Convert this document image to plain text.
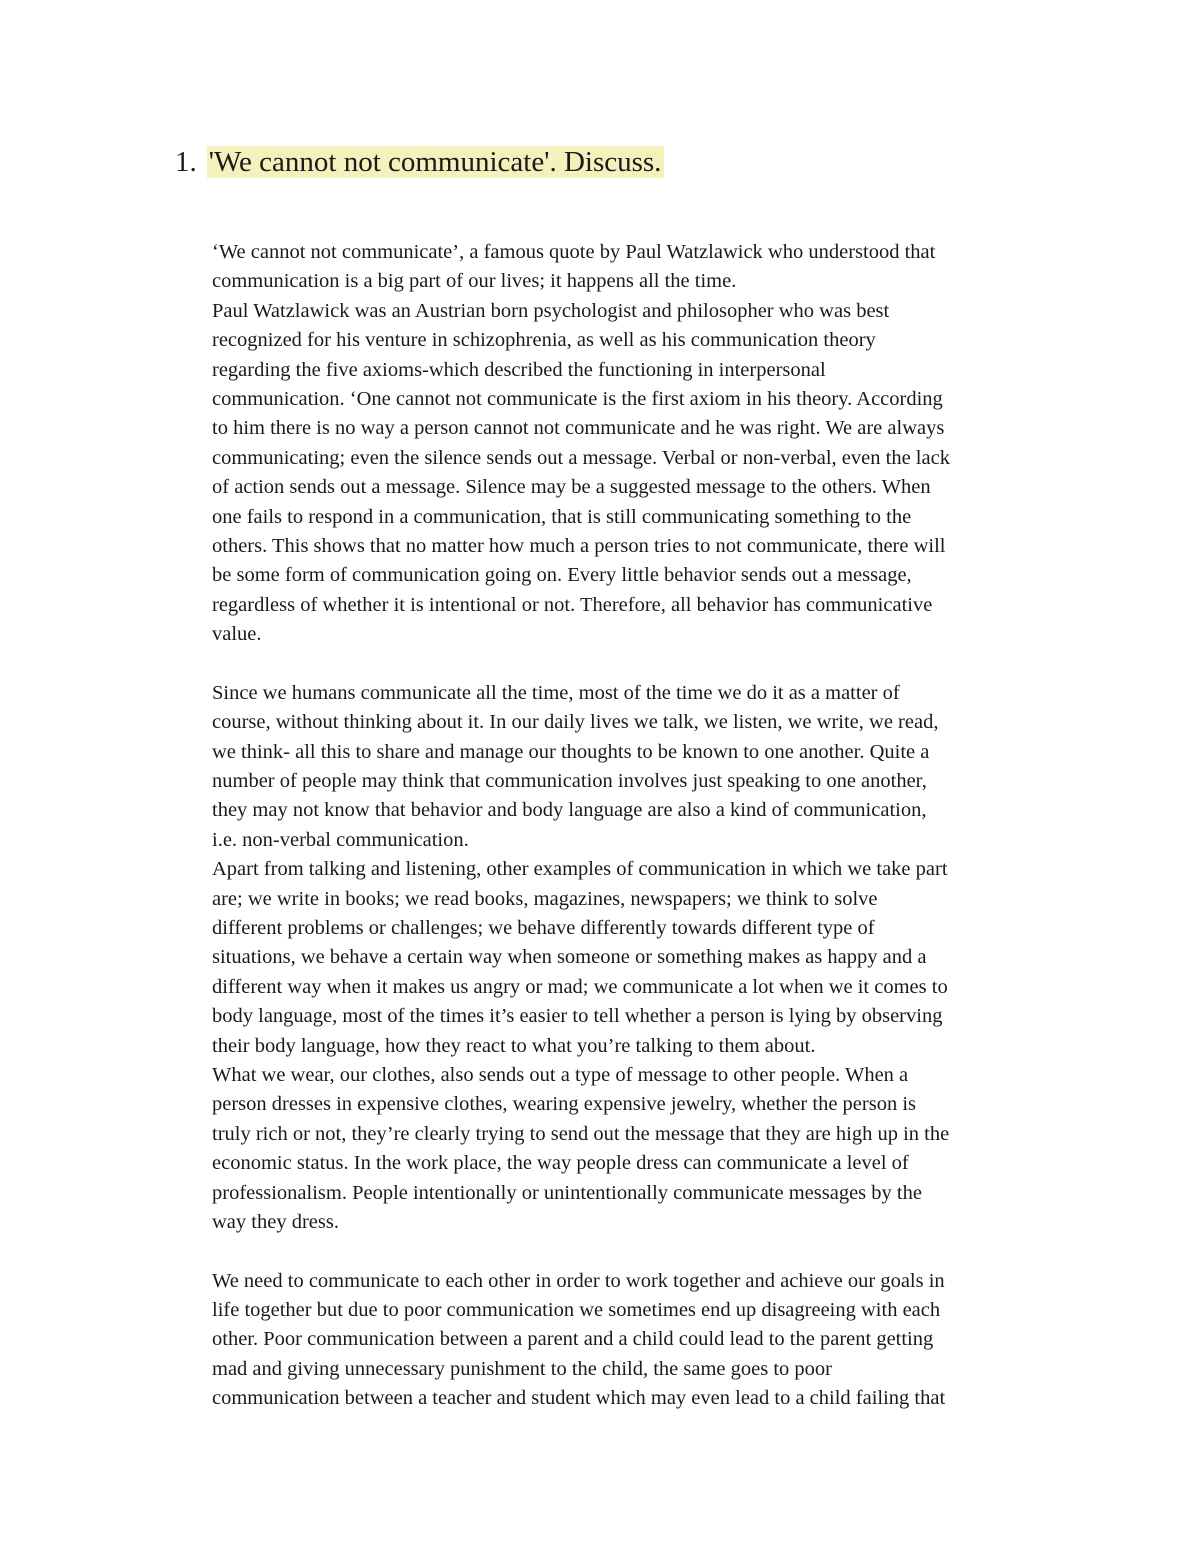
1. 'We cannot not communicate'. Discuss.
‘We cannot not communicate’, a famous quote by Paul Watzlawick who understood that
communication is a big part of our lives; it happens all the time.
Paul Watzlawick was an Austrian born psychologist and philosopher who was best
recognized for his venture in schizophrenia, as well as his communication theory
regarding the five axioms-which described the functioning in interpersonal
communication. ‘One cannot not communicate is the first axiom in his theory. According
to him there is no way a person cannot not communicate and he was right. We are always
communicating; even the silence sends out a message. Verbal or non-verbal, even the lack
of action sends out a message. Silence may be a suggested message to the others. When
one fails to respond in a communication, that is still communicating something to the
others. This shows that no matter how much a person tries to not communicate, there will
be some form of communication going on. Every little behavior sends out a message,
regardless of whether it is intentional or not. Therefore, all behavior has communicative
value.
Since we humans communicate all the time, most of the time we do it as a matter of
course, without thinking about it. In our daily lives we talk, we listen, we write, we read,
we think- all this to share and manage our thoughts to be known to one another. Quite a
number of people may think that communication involves just speaking to one another,
they may not know that behavior and body language are also a kind of communication,
i.e. non-verbal communication.
Apart from talking and listening, other examples of communication in which we take part
are; we write in books; we read books, magazines, newspapers; we think to solve
different problems or challenges; we behave differently towards different type of
situations, we behave a certain way when someone or something makes as happy and a
different way when it makes us angry or mad; we communicate a lot when we it comes to
body language, most of the times it’s easier to tell whether a person is lying by observing
their body language, how they react to what you’re talking to them about.
What we wear, our clothes, also sends out a type of message to other people. When a
person dresses in expensive clothes, wearing expensive jewelry, whether the person is
truly rich or not, they’re clearly trying to send out the message that they are high up in the
economic status. In the work place, the way people dress can communicate a level of
professionalism. People intentionally or unintentionally communicate messages by the
way they dress.
We need to communicate to each other in order to work together and achieve our goals in
life together but due to poor communication we sometimes end up disagreeing with each
other. Poor communication between a parent and a child could lead to the parent getting
mad and giving unnecessary punishment to the child, the same goes to poor
communication between a teacher and student which may even lead to a child failing that
